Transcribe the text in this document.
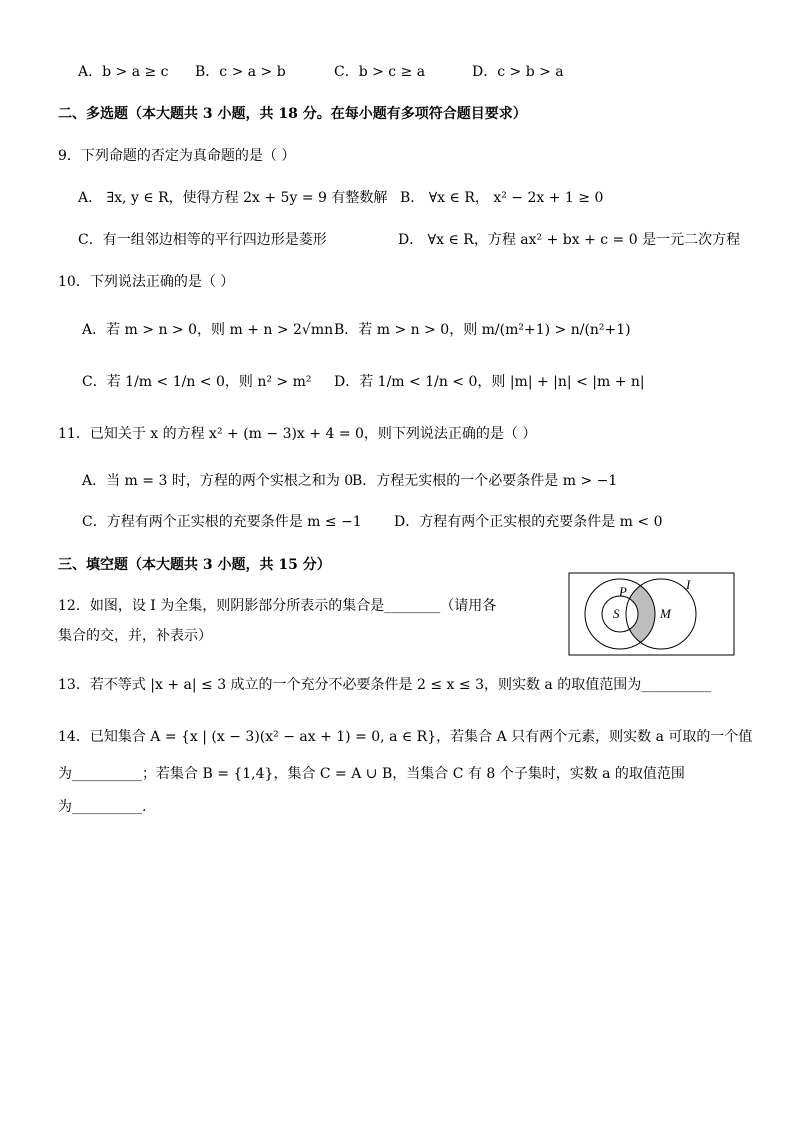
A．b > a ≥ c B．c > a > b	C．b > c ≥ a	D．c > b > a
二、多选题（本大题共 3 小题，共 18 分。在每小题有多项符合题目要求）
9．下列命题的否定为真命题的是（ ）
A． ∃x, y ∈ R，使得方程 2x + 5y = 9 有整数解 B． ∀x ∈ R， x² − 2x + 1 ≥ 0
C．有一组邻边相等的平行四边形是菱形	D． ∀x ∈ R，方程 ax² + bx + c = 0 是一元二次方程
10．下列说法正确的是（ ）
A．若 m > n > 0，则 m + n > 2√mn B．若 m > n > 0，则 m/(m²+1) > n/(n²+1)
C．若 1/m < 1/n < 0，则 n² > m² D．若 1/m < 1/n < 0，则 |m| + |n| < |m + n|
11．已知关于 x 的方程 x² + (m − 3)x + 4 = 0，则下列说法正确的是（ ）
A．当 m = 3 时，方程的两个实根之和为 0
B．方程无实根的一个必要条件是 m > −1
C．方程有两个正实根的充要条件是 m ≤ −1 D．方程有两个正实根的充要条件是 m < 0
三、填空题（本大题共 3 小题，共 15 分）
12．如图，设 I 为全集，则阴影部分所表示的集合是________（请用各
集合的交，并，补表示）
I
P
S	M
13．若不等式 |x + a| ≤ 3 成立的一个充分不必要条件是 2 ≤ x ≤ 3，则实数 a 的取值范围为__________
14．已知集合 A = {x | (x − 3)(x² − ax + 1) = 0, a ∈ R}，若集合 A 只有两个元素，则实数 a 可取的一个值
为__________；若集合 B = {1,4}，集合 C = A ∪ B，当集合 C 有 8 个子集时，实数 a 的取值范围
为__________.
